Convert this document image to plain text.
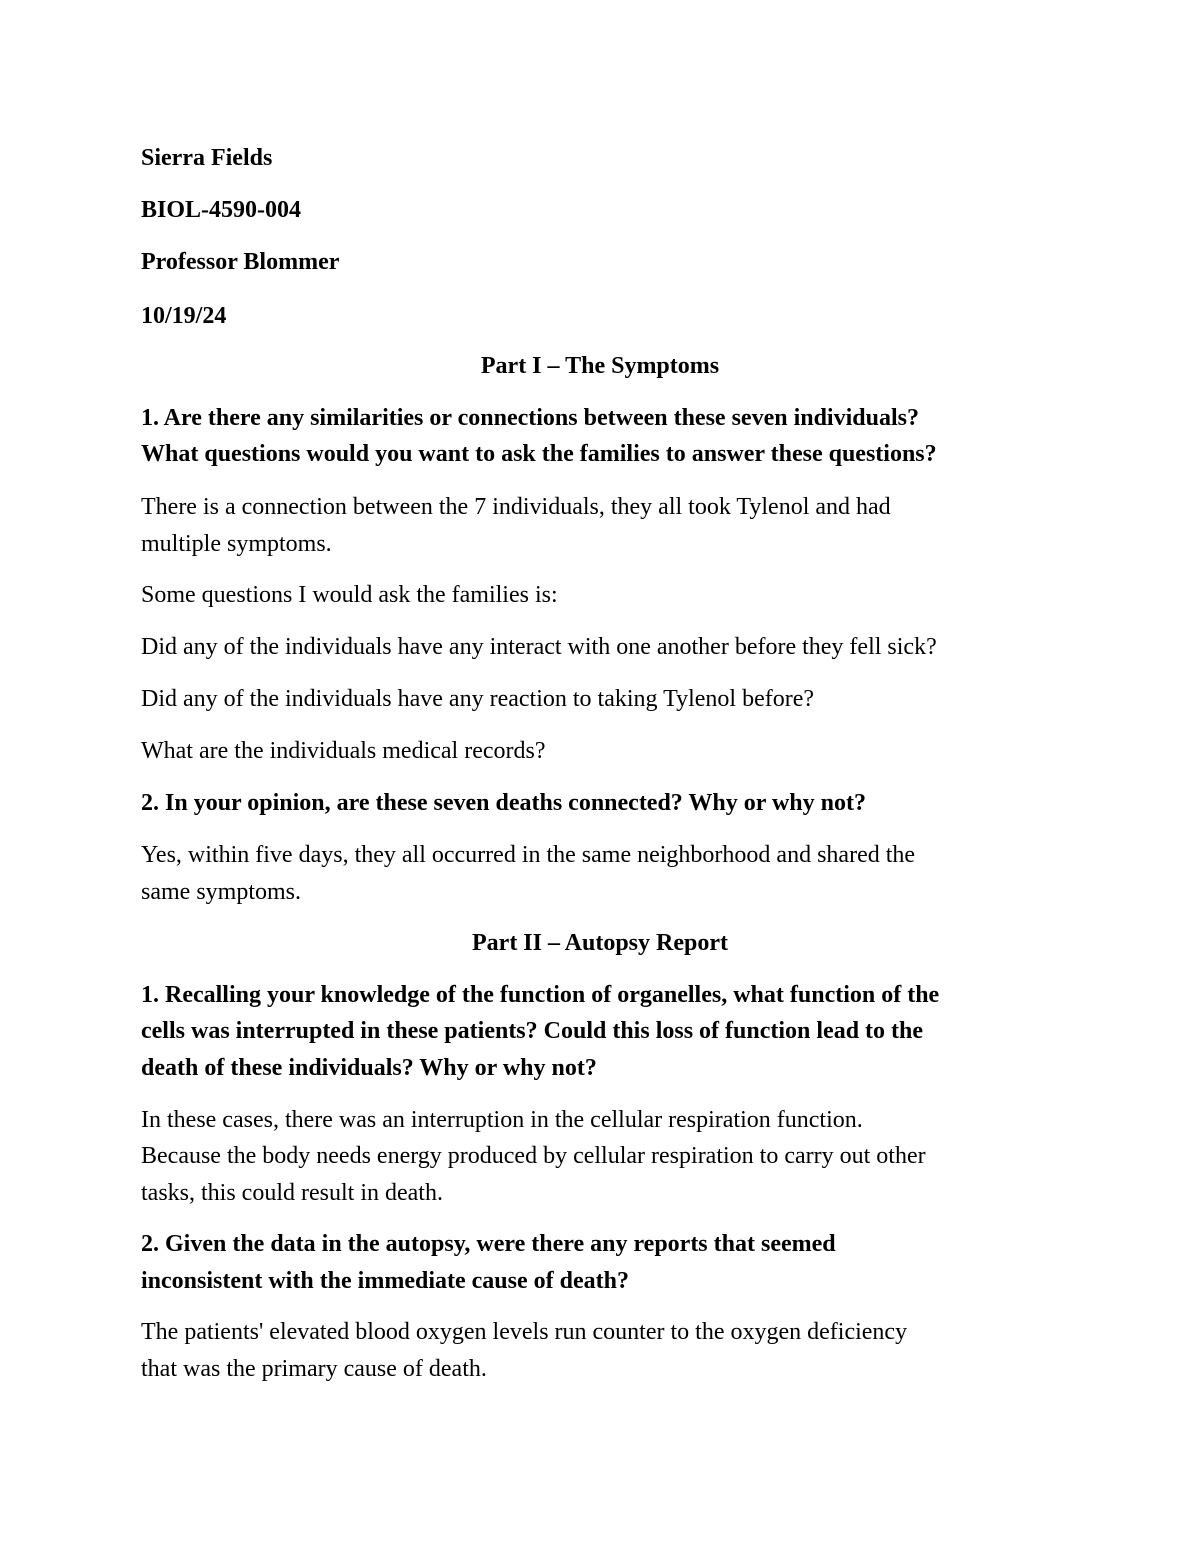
Sierra Fields
BIOL-4590-004
Professor Blommer
10/19/24
Part I – The Symptoms
1. Are there any similarities or connections between these seven individuals?
What questions would you want to ask the families to answer these questions?
There is a connection between the 7 individuals, they all took Tylenol and had
multiple symptoms.
Some questions I would ask the families is:
Did any of the individuals have any interact with one another before they fell sick?
Did any of the individuals have any reaction to taking Tylenol before?
What are the individuals medical records?
2. In your opinion, are these seven deaths connected? Why or why not?
Yes, within five days, they all occurred in the same neighborhood and shared the
same symptoms.
Part II – Autopsy Report
1. Recalling your knowledge of the function of organelles, what function of the
cells was interrupted in these patients? Could this loss of function lead to the
death of these individuals? Why or why not?
In these cases, there was an interruption in the cellular respiration function.
Because the body needs energy produced by cellular respiration to carry out other
tasks, this could result in death.
2. Given the data in the autopsy, were there any reports that seemed
inconsistent with the immediate cause of death?
The patients' elevated blood oxygen levels run counter to the oxygen deficiency
that was the primary cause of death.
